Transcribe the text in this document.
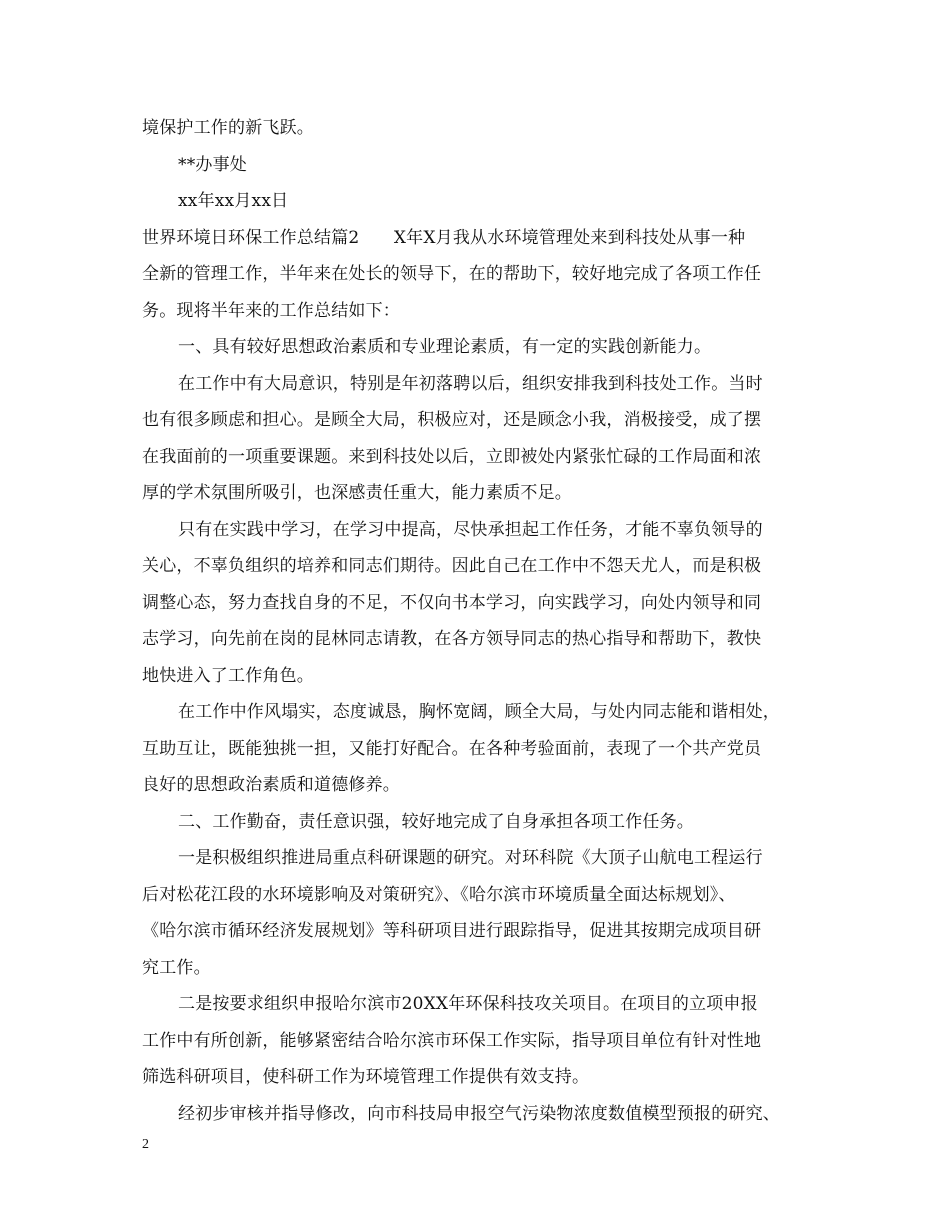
境保护工作的新飞跃。
**办事处
xx年xx月xx日
世界环境日环保工作总结篇2　　X年X月我从水环境管理处来到科技处从事一种
全新的管理工作，半年来在处长的领导下，在的帮助下，较好地完成了各项工作任
务。现将半年来的工作总结如下：
一、具有较好思想政治素质和专业理论素质，有一定的实践创新能力。
在工作中有大局意识，特别是年初落聘以后，组织安排我到科技处工作。当时
也有很多顾虑和担心。是顾全大局，积极应对，还是顾念小我，消极接受，成了摆
在我面前的一项重要课题。来到科技处以后，立即被处内紧张忙碌的工作局面和浓
厚的学术氛围所吸引，也深感责任重大，能力素质不足。
只有在实践中学习，在学习中提高，尽快承担起工作任务，才能不辜负领导的
关心，不辜负组织的培养和同志们期待。因此自己在工作中不怨天尤人，而是积极
调整心态，努力查找自身的不足，不仅向书本学习，向实践学习，向处内领导和同
志学习，向先前在岗的昆林同志请教，在各方领导同志的热心指导和帮助下，教快
地快进入了工作角色。
在工作中作风塌实，态度诚恳，胸怀宽阔，顾全大局，与处内同志能和谐相处，
互助互让，既能独挑一担，又能打好配合。在各种考验面前，表现了一个共产党员
良好的思想政治素质和道德修养。
二、工作勤奋，责任意识强，较好地完成了自身承担各项工作任务。
一是积极组织推进局重点科研课题的研究。对环科院《大顶子山航电工程运行
后对松花江段的水环境影响及对策研究》、《哈尔滨市环境质量全面达标规划》、
《哈尔滨市循环经济发展规划》等科研项目进行跟踪指导，促进其按期完成项目研
究工作。
二是按要求组织申报哈尔滨市20XX年环保科技攻关项目。在项目的立项申报
工作中有所创新，能够紧密结合哈尔滨市环保工作实际，指导项目单位有针对性地
筛选科研项目，使科研工作为环境管理工作提供有效支持。
经初步审核并指导修改，向市科技局申报空气污染物浓度数值模型预报的研究、
2
